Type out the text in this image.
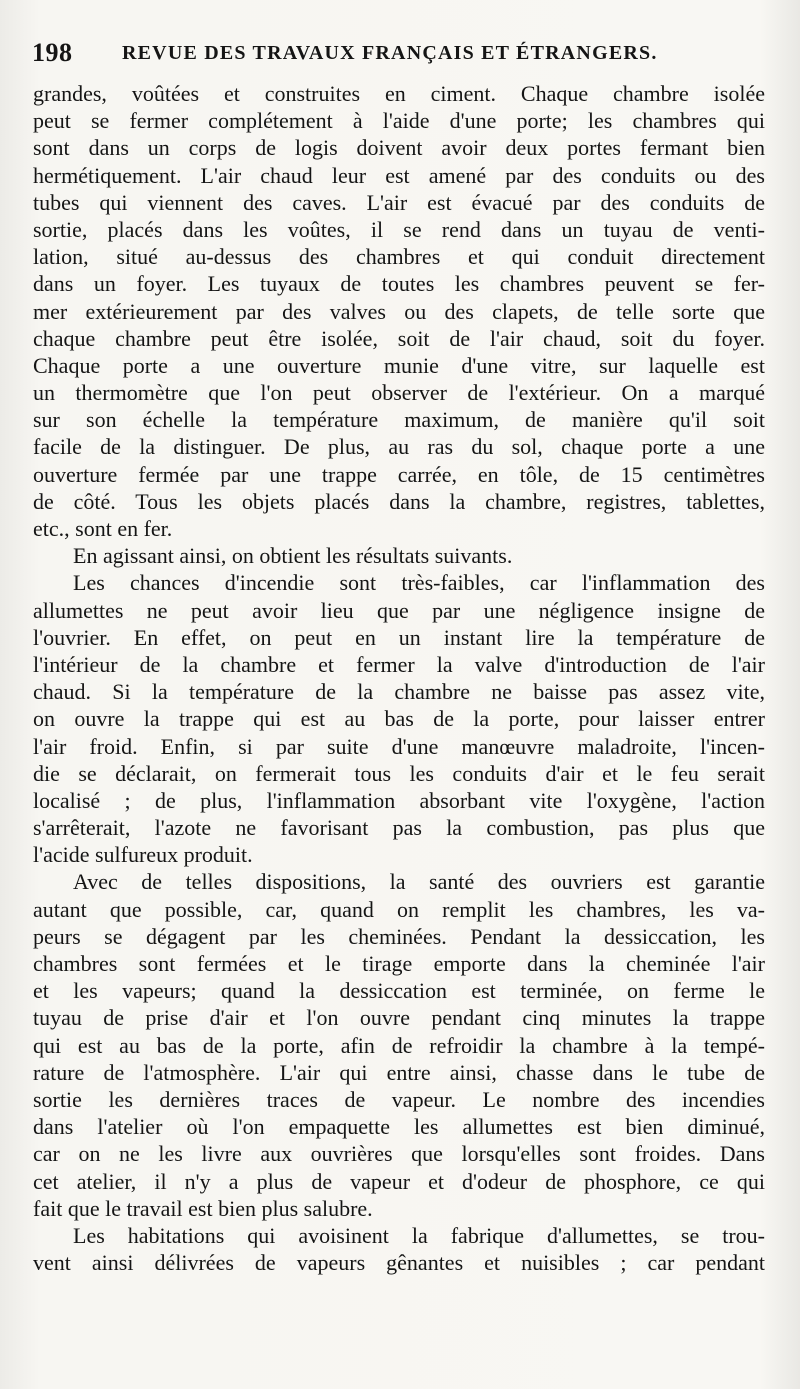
198 REVUE DES TRAVAUX FRANÇAIS ET ÉTRANGERS.
grandes, voûtées et construites en ciment. Chaque chambre isolée
peut se fermer complétement à l'aide d'une porte; les chambres qui
sont dans un corps de logis doivent avoir deux portes fermant bien
hermétiquement. L'air chaud leur est amené par des conduits ou des
tubes qui viennent des caves. L'air est évacué par des conduits de
sortie, placés dans les voûtes, il se rend dans un tuyau de venti-
lation, situé au-dessus des chambres et qui conduit directement
dans un foyer. Les tuyaux de toutes les chambres peuvent se fer-
mer extérieurement par des valves ou des clapets, de telle sorte que
chaque chambre peut être isolée, soit de l'air chaud, soit du foyer.
Chaque porte a une ouverture munie d'une vitre, sur laquelle est
un thermomètre que l'on peut observer de l'extérieur. On a marqué
sur son échelle la température maximum, de manière qu'il soit
facile de la distinguer. De plus, au ras du sol, chaque porte a une
ouverture fermée par une trappe carrée, en tôle, de 15 centimètres
de côté. Tous les objets placés dans la chambre, registres, tablettes,
etc., sont en fer.
En agissant ainsi, on obtient les résultats suivants.
Les chances d'incendie sont très-faibles, car l'inflammation des
allumettes ne peut avoir lieu que par une négligence insigne de
l'ouvrier. En effet, on peut en un instant lire la température de
l'intérieur de la chambre et fermer la valve d'introduction de l'air
chaud. Si la température de la chambre ne baisse pas assez vite,
on ouvre la trappe qui est au bas de la porte, pour laisser entrer
l'air froid. Enfin, si par suite d'une manœuvre maladroite, l'incen-
die se déclarait, on fermerait tous les conduits d'air et le feu serait
localisé ; de plus, l'inflammation absorbant vite l'oxygène, l'action
s'arrêterait, l'azote ne favorisant pas la combustion, pas plus que
l'acide sulfureux produit.
Avec de telles dispositions, la santé des ouvriers est garantie
autant que possible, car, quand on remplit les chambres, les va-
peurs se dégagent par les cheminées. Pendant la dessiccation, les
chambres sont fermées et le tirage emporte dans la cheminée l'air
et les vapeurs; quand la dessiccation est terminée, on ferme le
tuyau de prise d'air et l'on ouvre pendant cinq minutes la trappe
qui est au bas de la porte, afin de refroidir la chambre à la tempé-
rature de l'atmosphère. L'air qui entre ainsi, chasse dans le tube de
sortie les dernières traces de vapeur. Le nombre des incendies
dans l'atelier où l'on empaquette les allumettes est bien diminué,
car on ne les livre aux ouvrières que lorsqu'elles sont froides. Dans
cet atelier, il n'y a plus de vapeur et d'odeur de phosphore, ce qui
fait que le travail est bien plus salubre.
Les habitations qui avoisinent la fabrique d'allumettes, se trou-
vent ainsi délivrées de vapeurs gênantes et nuisibles ; car pendant
